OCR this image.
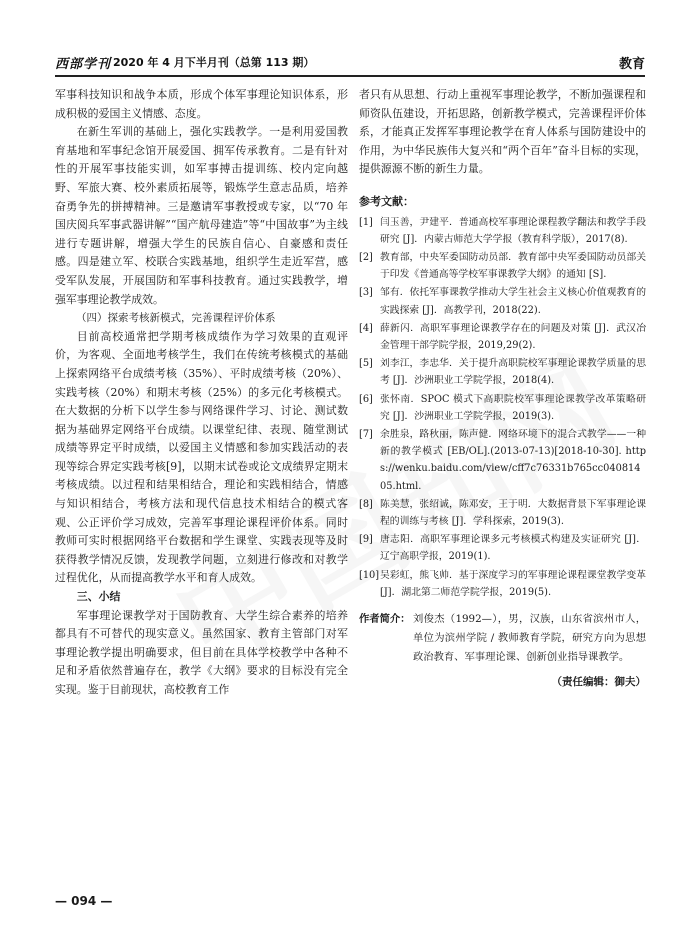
西部学刊 2020 年 4 月下半月刊（总第 113 期）	教育

军事科技知识和战争本质，形成个体军事理论知识体系，形成积极的爱国主义情感、态度。

在新生军训的基础上，强化实践教学。一是利用爱国教育基地和军事纪念馆开展爱国、拥军传承教育。二是有针对性的开展军事技能实训，如军事搏击提训练、校内定向越野、军旅大赛、校外素质拓展等，锻炼学生意志品质，培养奋勇争先的拼搏精神。三是邀请军事教授或专家，以“70 年国庆阅兵军事武器讲解”“国产航母建造”等“中国故事”为主线进行专题讲解，增强大学生的民族自信心、自豪感和责任感。四是建立军、校联合实践基地，组织学生走近军营，感受军队发展，开展国防和军事科技教育。通过实践教学，增强军事理论教学成效。

（四）探索考核新模式，完善课程评价体系

目前高校通常把学期考核成绩作为学习效果的直观评价，为客观、全面地考核学生，我们在传统考核模式的基础上探索网络平台成绩考核（35%）、平时成绩考核（20%）、实践考核（20%）和期末考核（25%）的多元化考核模式。在大数据的分析下以学生参与网络课件学习、讨论、测试数据为基础界定网络平台成绩。以课堂纪律、表现、随堂测试成绩等界定平时成绩，以爱国主义情感和参加实践活动的表现等综合界定实践考核[9]，以期末试卷或论文成绩界定期末考核成绩。以过程和结果相结合，理论和实践相结合，情感与知识相结合，考核方法和现代信息技术相结合的模式客观、公正评价学习成效，完善军事理论课程评价体系。同时教师可实时根据网络平台数据和学生课堂、实践表现等及时获得教学情况反馈，发现教学问题，立刻进行修改和对教学过程优化，从而提高教学水平和育人成效。

三、小结

军事理论课教学对于国防教育、大学生综合素养的培养都具有不可替代的现实意义。虽然国家、教育主管部门对军事理论教学提出明确要求，但目前在具体学校教学中各种不足和矛盾依然普遍存在，教学《大纲》要求的目标没有完全实现。鉴于目前现状，高校教育工作

者只有从思想、行动上重视军事理论教学，不断加强课程和师资队伍建设，开拓思路，创新教学模式，完善课程评价体系，才能真正发挥军事理论教学在育人体系与国防建设中的作用，为中华民族伟大复兴和“两个百年”奋斗目标的实现，提供源源不断的新生力量。

参考文献：
[1] 闫玉善，尹建平．普通高校军事理论课程教学翻法和教学手段研究 [J]．内蒙古师范大学学报（教育科学版），2017(8).
[2] 教育部，中央军委国防动员部．教育部中央军委国防动员部关于印发《普通高等学校军事课教学大纲》的通知 [S].
[3] 邹有．依托军事课教学推动大学生社会主义核心价值观教育的实践探索 [J]．高教学刊，2018(22).
[4] 薛新闪．高职军事理论课教学存在的问题及对策 [J]．武汉冶金管理干部学院学报，2019,29(2).
[5] 刘李江，李忠华．关于提升高职院校军事理论课教学质量的思考 [J]．沙洲职业工学院学报，2018(4).
[6] 张怀南．SPOC 模式下高职院校军事理论课教学改革策略研究 [J]．沙洲职业工学院学报，2019(3).
[7] 余胜泉，路秋丽，陈声健．网络环境下的混合式教学——一种新的教学模式 [EB/OL].(2013-07-13)[2018-10-30]. https://wenku.baidu.com/view/cff7c76331b765cc04081405.html.
[8] 陈美慧，张绍诚，陈邓安，王于明．大数据背景下军事理论课程的训练与考核 [J]．学科探索，2019(3).
[9] 唐志阳．高职军事理论课多元考核模式构建及实证研究 [J]．辽宁高职学报，2019(1).
[10] 吴彩虹，熊飞帅．基于深度学习的军事理论课程课堂教学变革 [J]．湖北第二师范学院学报，2019(5).
作者简介： 刘俊杰（1992—），男，汉族，山东省滨州市人，单位为滨州学院 / 教师教育学院，研究方向为思想政治教育、军事理论课、创新创业指导课教学。
（责任编辑：御夫）
— 094 —
